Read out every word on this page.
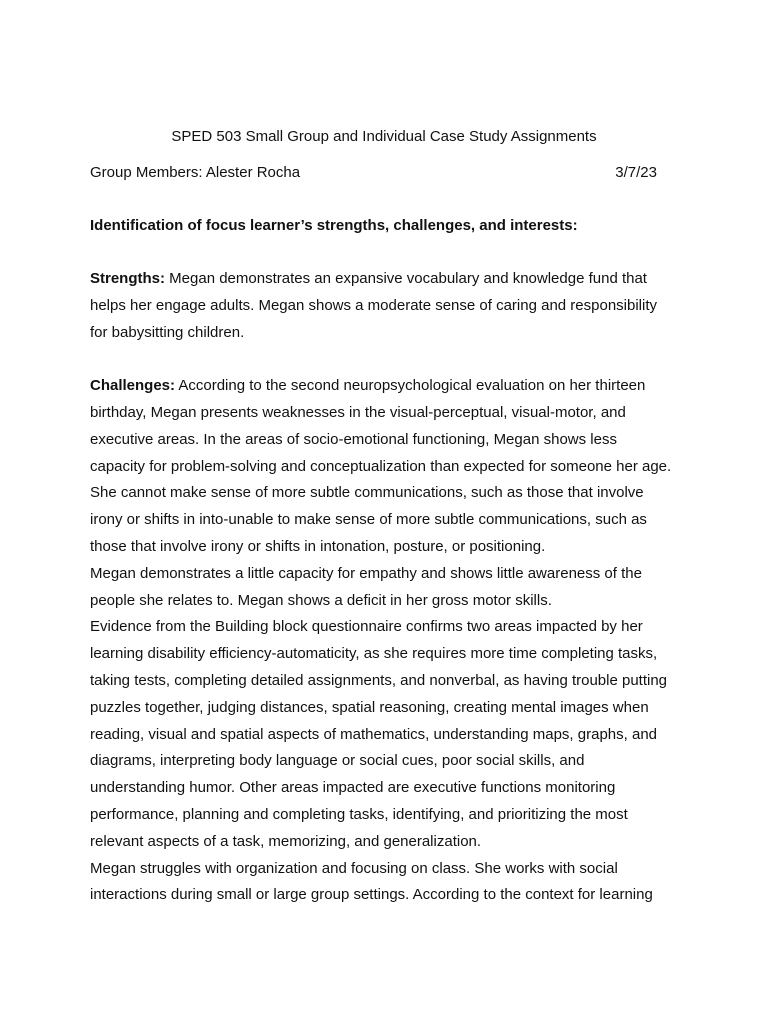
SPED 503 Small Group and Individual Case Study Assignments
Group Members: Alester Rocha	3/7/23
Identification of focus learner’s strengths, challenges, and interests:

Strengths: Megan demonstrates an expansive vocabulary and knowledge fund that
helps her engage adults. Megan shows a moderate sense of caring and responsibility
for babysitting children.

Challenges: According to the second neuropsychological evaluation on her thirteen
birthday, Megan presents weaknesses in the visual-perceptual, visual-motor, and
executive areas. In the areas of socio-emotional functioning, Megan shows less
capacity for problem-solving and conceptualization than expected for someone her age.
She cannot make sense of more subtle communications, such as those that involve
irony or shifts in into-unable to make sense of more subtle communications, such as
those that involve irony or shifts in intonation, posture, or positioning.

Megan demonstrates a little capacity for empathy and shows little awareness of the
people she relates to. Megan shows a deficit in her gross motor skills.

Evidence from the Building block questionnaire confirms two areas impacted by her
learning disability efficiency-automaticity, as she requires more time completing tasks,
taking tests, completing detailed assignments, and nonverbal, as having trouble putting
puzzles together, judging distances, spatial reasoning, creating mental images when
reading, visual and spatial aspects of mathematics, understanding maps, graphs, and
diagrams, interpreting body language or social cues, poor social skills, and
understanding humor. Other areas impacted are executive functions monitoring
performance, planning and completing tasks, identifying, and prioritizing the most
relevant aspects of a task, memorizing, and generalization.

Megan struggles with organization and focusing on class. She works with social
interactions during small or large group settings. According to the context for learning
